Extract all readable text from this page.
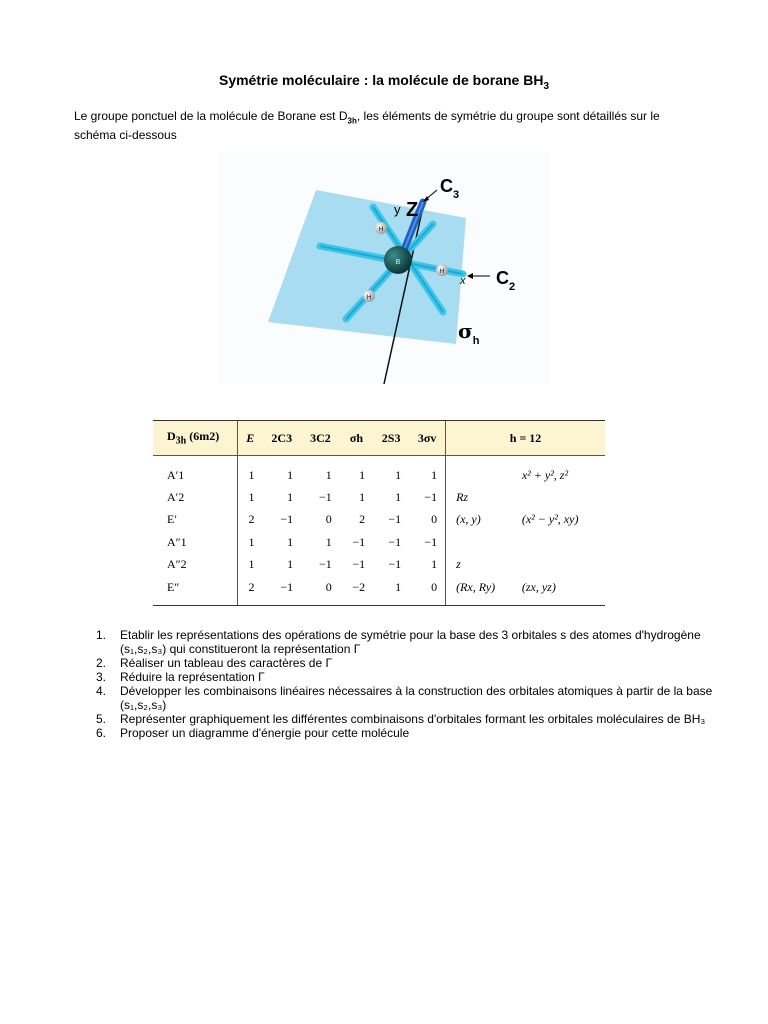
Symétrie moléculaire : la molécule de borane $BH_3$
Le groupe ponctuel de la molécule de Borane est $D_{3h}$, les éléments de symétrie du groupe sont détaillés sur le schéma ci-dessous
B
H
H
H
y Z
x
$C_3$
$C_2$
$\sigma_h$
$D_{3h}$ (6m2)	E	2C3	3C2	σh	2S3	3σv	h = 12	
A′1	1	1	1	1	1	1		x² + y², z²
A′2	1	1	−1	1	1	−1	Rz	
E′	2	−1	0	2	−1	0	(x, y)	(x² − y², xy)
A″1	1	1	1	−1	−1	−1		
A″2	1	1	−1	−1	−1	1	z	
E″	2	−1	0	−2	1	0	(Rx, Ry)	(zx, yz)
1. Etablir les représentations des opérations de symétrie pour la base des 3 orbitales s des atomes d'hydrogène (s₁,s₂,s₃) qui constitueront la représentation Γ
2. Réaliser un tableau des caractères de Γ
3. Réduire la représentation Γ
4. Développer les combinaisons linéaires nécessaires à la construction des orbitales atomiques à partir de la base (s₁,s₂,s₃)
5. Représenter graphiquement les différentes combinaisons d'orbitales formant les orbitales moléculaires de BH₃
6. Proposer un diagramme d'énergie pour cette molécule
